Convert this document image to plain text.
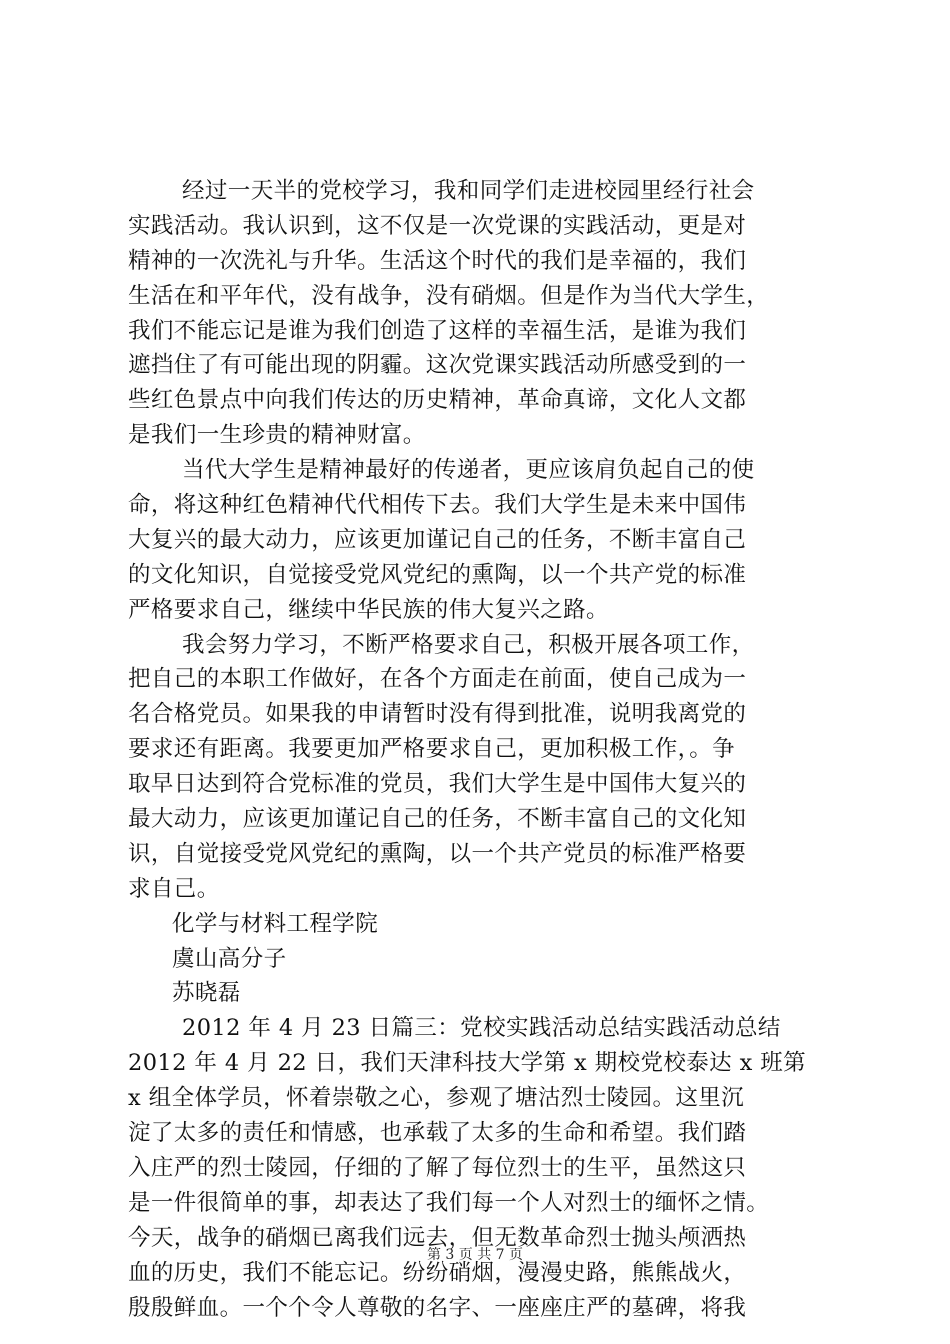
经过一天半的党校学习，我和同学们走进校园里经行社会
实践活动。我认识到，这不仅是一次党课的实践活动，更是对
精神的一次洗礼与升华。生活这个时代的我们是幸福的，我们
生活在和平年代，没有战争，没有硝烟。但是作为当代大学生，
我们不能忘记是谁为我们创造了这样的幸福生活，是谁为我们
遮挡住了有可能出现的阴霾。这次党课实践活动所感受到的一
些红色景点中向我们传达的历史精神，革命真谛，文化人文都
是我们一生珍贵的精神财富。
当代大学生是精神最好的传递者，更应该肩负起自己的使
命，将这种红色精神代代相传下去。我们大学生是未来中国伟
大复兴的最大动力，应该更加谨记自己的任务，不断丰富自己
的文化知识，自觉接受党风党纪的熏陶，以一个共产党的标准
严格要求自己，继续中华民族的伟大复兴之路。
我会努力学习，不断严格要求自己，积极开展各项工作，
把自己的本职工作做好，在各个方面走在前面，使自己成为一
名合格党员。如果我的申请暂时没有得到批准，说明我离党的
要求还有距离。我要更加严格要求自己，更加积极工作，。争
取早日达到符合党标准的党员，我们大学生是中国伟大复兴的
最大动力，应该更加谨记自己的任务，不断丰富自己的文化知
识，自觉接受党风党纪的熏陶，以一个共产党员的标准严格要
求自己。
化学与材料工程学院
虞山高分子
苏晓磊
2012 年 4 月 23 日篇三：党校实践活动总结实践活动总结
2012 年 4 月 22 日，我们天津科技大学第 x 期校党校泰达 x 班第
x 组全体学员，怀着崇敬之心，参观了塘沽烈士陵园。这里沉
淀了太多的责任和情感，也承载了太多的生命和希望。我们踏
入庄严的烈士陵园，仔细的了解了每位烈士的生平，虽然这只
是一件很简单的事，却表达了我们每一个人对烈士的缅怀之情。
今天，战争的硝烟已离我们远去，但无数革命烈士抛头颅洒热
血的历史，我们不能忘记。纷纷硝烟，漫漫史路，熊熊战火，
殷殷鲜血。一个个令人尊敬的名字、一座座庄严的墓碑，将我
第 3 页 共 7 页
